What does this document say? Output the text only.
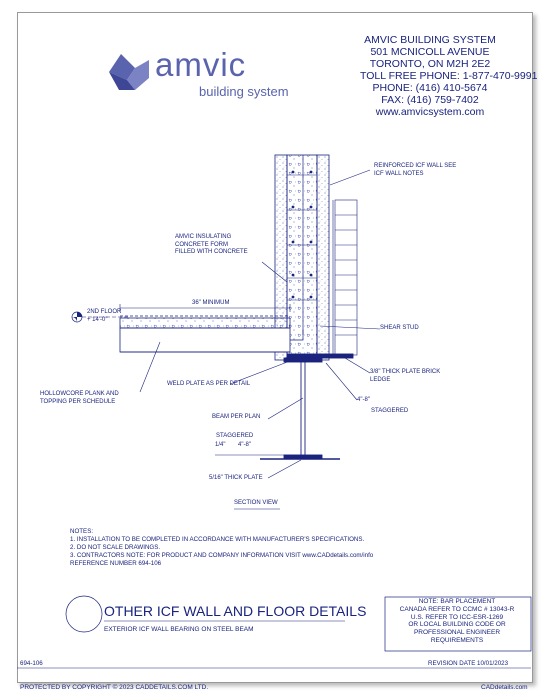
amvic
building system
AMVIC BUILDING SYSTEM
501 MCNICOLL AVENUE
TORONTO, ON M2H 2E2
TOLL FREE PHONE: 1-877-470-9991
PHONE: (416) 410-5674
FAX: (416) 759-7402
www.amvicsystem.com
REINFORCED ICF WALL SEE
ICF WALL NOTES
AMVIC INSULATING
CONCRETE FORM
FILLED WITH CONCRETE
36" MINIMUM
2ND FLOOR
+ 14'-0"
SHEAR STUD
3/8" THICK PLATE BRICK
LEDGE
HOLLOWCORE PLANK AND
TOPPING PER SCHEDULE
WELD PLATE AS PER DETAIL
4"-8"
STAGGERED
BEAM PER PLAN
STAGGERED
1/4" 4"-8"
5/16" THICK PLATE
SECTION VIEW
NOTES:
1. INSTALLATION TO BE COMPLETED IN ACCORDANCE WITH MANUFACTURER'S SPECIFICATIONS.
2. DO NOT SCALE DRAWINGS.
3. CONTRACTORS NOTE: FOR PRODUCT AND COMPANY INFORMATION VISIT www.CADdetails.com/info
REFERENCE NUMBER 694-106
OTHER ICF WALL AND FLOOR DETAILS
EXTERIOR ICF WALL BEARING ON STEEL BEAM
NOTE: BAR PLACEMENT
CANADA REFER TO CCMC # 13043-R
U.S. REFER TO ICC-ESR-1269
OR LOCAL BUILDING CODE OR
PROFESSIONAL ENGINEER
REQUIREMENTS
694-106	REVISION DATE 10/01/2023
PROTECTED BY COPYRIGHT © 2023 CADDETAILS.COM LTD.	CADdetails.com
